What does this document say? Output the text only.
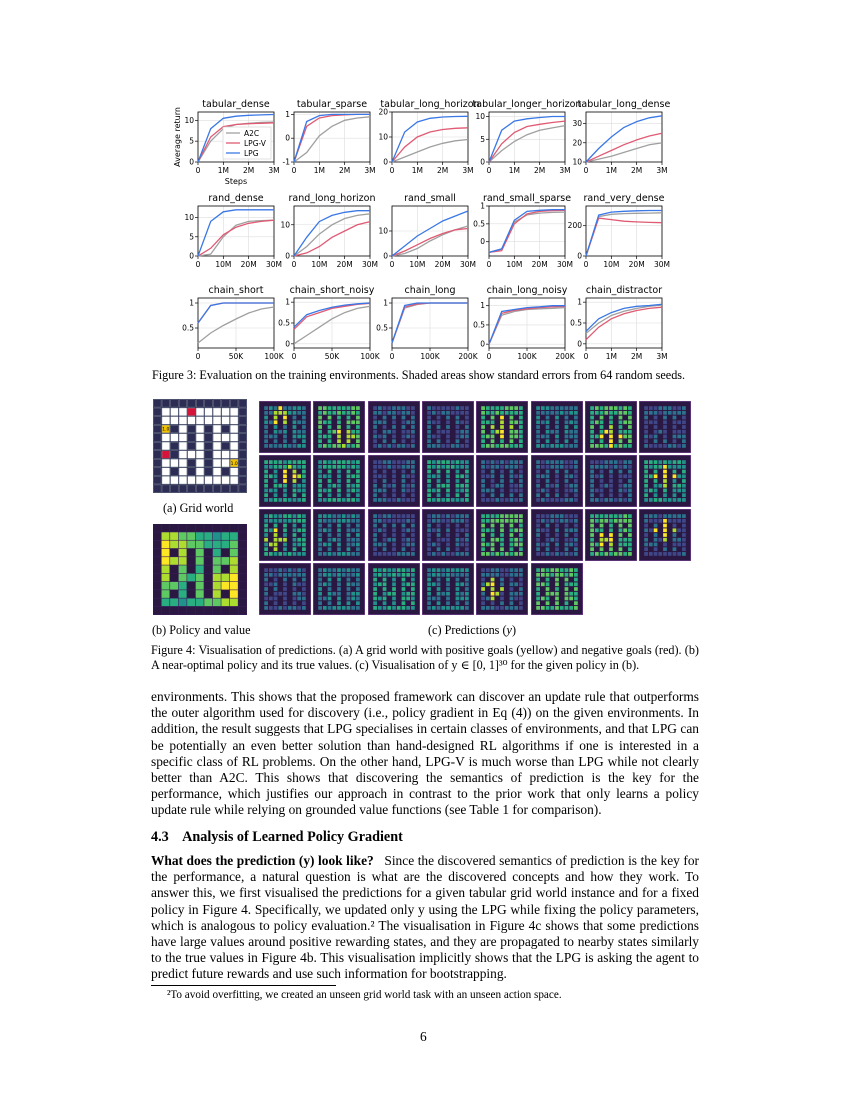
tabular_dense
0
5
10
0 1M 2M 3M
tabular_sparse
-1
0
1
0 1M 2M 3M
tabular_long_horizon
0
10
20
0 1M 2M 3M
tabular_longer_horizon
0
5
10
0 1M 2M 3M
tabular_long_dense
10
20
30
0 1M 2M 3M
rand_dense
0
5
10
0 10M 20M 30M
rand_long_horizon
0
10
0 10M 20M 30M
rand_small
0
10
0 10M 20M 30M
rand_small_sparse
0
0.5
1
0 10M 20M 30M
rand_very_dense
0
200
0 10M 20M 30M
chain_short
0.5
1
0	50K	100K
chain_short_noisy
0
0.5
1
0	50K	100K
chain_long
0.5
1
0	100K	200K
chain_long_noisy
0
0.5
1
0	100K	200K
chain_distractor
0
0.5
1
0 1M 2M 3M
Average return
Steps
A2C
LPG-V
LPG
Figure 3: Evaluation on the training environments. Shaded areas show standard errors from 64 random seeds.
1.0
1.0
(a) Grid world
(b) Policy and value	(c) Predictions (y)
Figure 4: Visualisation of predictions. (a) A grid world with positive goals (yellow) and negative goals (red). (b) A near-optimal policy and its true values. (c) Visualisation of y ∈ [0, 1]³⁰ for the given policy in (b).
environments. This shows that the proposed framework can discover an update rule that outperforms the outer algorithm used for discovery (i.e., policy gradient in Eq (4)) on the given environments. In addition, the result suggests that LPG specialises in certain classes of environments, and that LPG can be potentially an even better solution than hand-designed RL algorithms if one is interested in a specific class of RL problems. On the other hand, LPG-V is much worse than LPG while not clearly better than A2C. This shows that discovering the semantics of prediction is the key for the performance, which justifies our approach in contrast to the prior work that only learns a policy update rule while relying on grounded value functions (see Table 1 for comparison).
4.3 Analysis of Learned Policy Gradient
What does the prediction (y) look like? Since the discovered semantics of prediction is the key for the performance, a natural question is what are the discovered concepts and how they work. To answer this, we first visualised the predictions for a given tabular grid world instance and for a fixed policy in Figure 4. Specifically, we updated only y using the LPG while fixing the policy parameters, which is analogous to policy evaluation.² The visualisation in Figure 4c shows that some predictions have large values around positive rewarding states, and they are propagated to nearby states similarly to the true values in Figure 4b. This visualisation implicitly shows that the LPG is asking the agent to predict future rewards and use such information for bootstrapping.
²To avoid overfitting, we created an unseen grid world task with an unseen action space.
6
